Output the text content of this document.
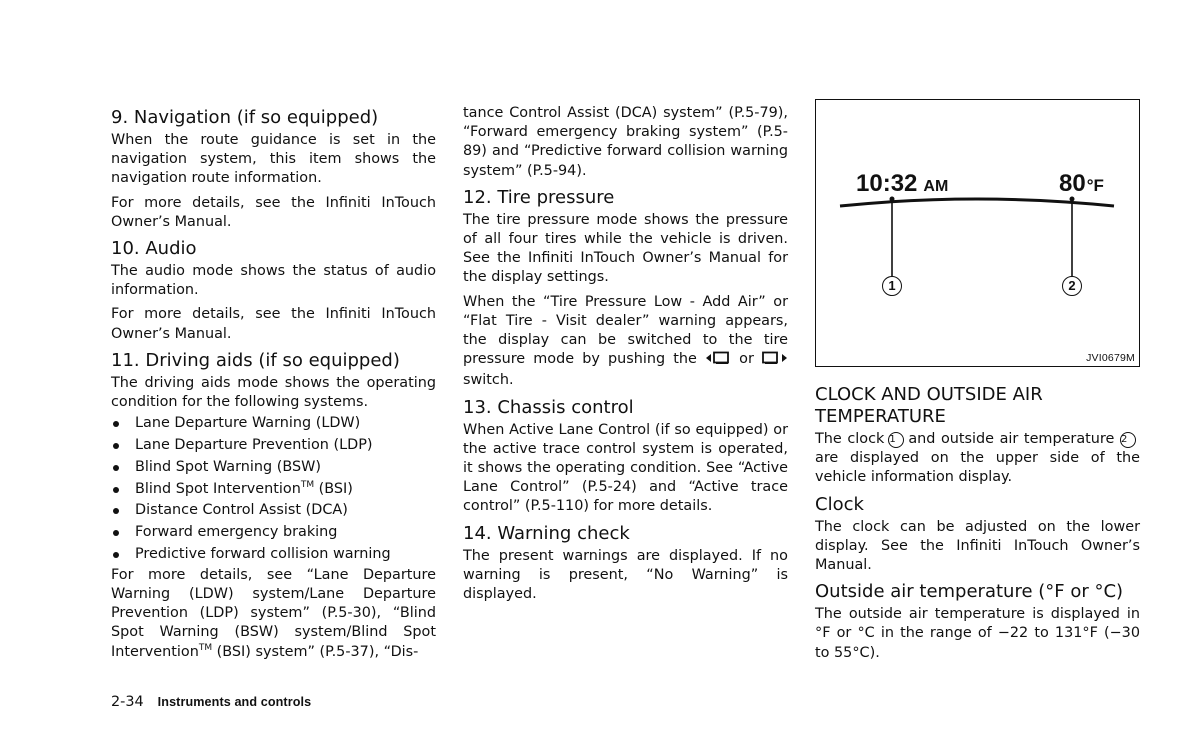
9. Navigation (if so equipped)

When the route guidance is set in the navigation system, this item shows the navigation route information.

For more details, see the Infiniti InTouch Owner’s Manual.

10. Audio

The audio mode shows the status of audio information.

For more details, see the Infiniti InTouch Owner’s Manual.

11. Driving aids (if so equipped)

The driving aids mode shows the operating condition for the following systems.

Lane Departure Warning (LDW)
Lane Departure Prevention (LDP)
Blind Spot Warning (BSW)
Blind Spot Intervention™ (BSI)
Distance Control Assist (DCA)
Forward emergency braking
Predictive forward collision warning

For more details, see “Lane Departure Warning (LDW) system/Lane Departure Prevention (LDP) system” (P.5-30), “Blind Spot Warning (BSW) system/Blind Spot Intervention™ (BSI) system” (P.5-37), “Dis-

tance Control Assist (DCA) system” (P.5-79), “Forward emergency braking system” (P.5-89) and “Predictive forward collision warning system” (P.5-94).

12. Tire pressure

The tire pressure mode shows the pressure of all four tires while the vehicle is driven. See the Infiniti InTouch Owner’s Manual for the display settings.

When the “Tire Pressure Low - Add Air” or “Flat Tire - Visit dealer” warning appears, the display can be switched to the tire pressure mode by pushing the  or  switch.

13. Chassis control

When Active Lane Control (if so equipped) or the active trace control system is operated, it shows the operating condition. See “Active Lane Control” (P.5-24) and “Active trace control” (P.5-110) for more details.

14. Warning check

The present warnings are displayed. If no warning is present, “No Warning” is displayed.

10:32 AM	80°F
1	2
JVI0679M
CLOCK AND OUTSIDE AIR TEMPERATURE

The clock 1 and outside air temperature 2are displayed on the upper side of the vehicle information display.

Clock

The clock can be adjusted on the lower display. See the Infiniti InTouch Owner’s Manual.

Outside air temperature (°F or °C)

The outside air temperature is displayed in °F or °C in the range of −22 to 131°F (−30 to 55°C).

2-34 Instruments and controls
